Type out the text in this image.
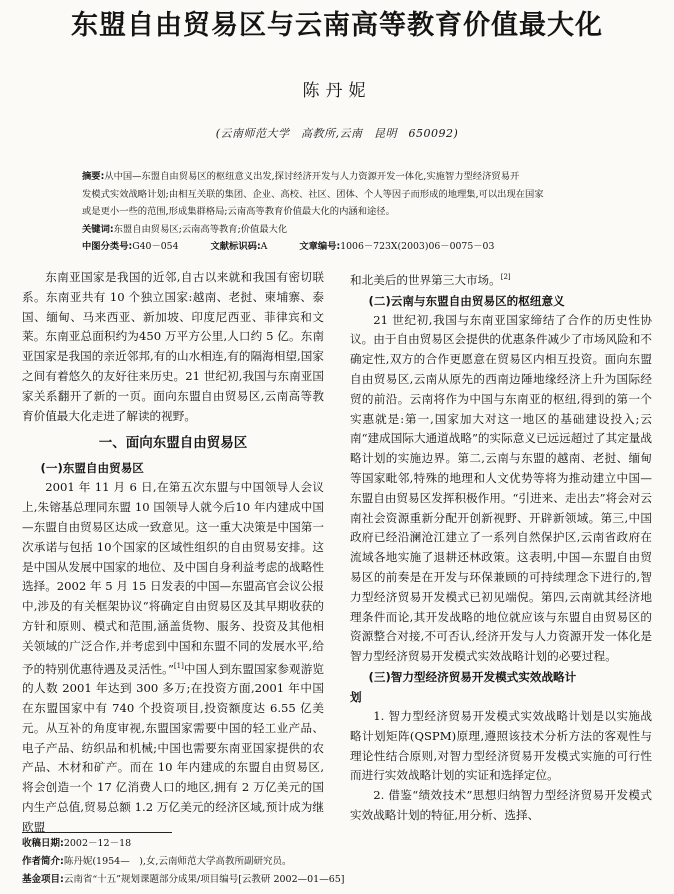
东盟自由贸易区与云南高等教育价值最大化
陈丹妮
(云南师范大学　高教所,云南　昆明　650092)
摘要:从中国—东盟自由贸易区的枢纽意义出发,探讨经济开发与人力资源开发一体化,实施智力型经济贸易开
发模式实效战略计划;由相互关联的集团、企业、高校、社区、团体、个人等因子而形成的地理集,可以出现在国家
或是更小一些的范围,形成集群格局;云南高等教育价值最大化的内涵和途径。
关键词:东盟自由贸易区;云南高等教育;价值最大化
中图分类号:G40－054	文献标识码:A	文章编号:1006－723X(2003)06－0075－03

东南亚国家是我国的近邻,自古以来就和我国有密切联系。东南亚共有 10 个独立国家:越南、老挝、柬埔寨、泰国、缅甸、马来西亚、新加坡、印度尼西亚、菲律宾和文莱。东南亚总面积约为450 万平方公里,人口约 5 亿。东南亚国家是我国的亲近邻邦,有的山水相连,有的隔海相望,国家之间有着悠久的友好往来历史。21 世纪初,我国与东南亚国家关系翻开了新的一页。面向东盟自由贸易区,云南高等教育价值最大化走进了解读的视野。

一、面向东盟自由贸易区
(一)东盟自由贸易区

2001 年 11 月 6 日,在第五次东盟与中国领导人会议上,朱镕基总理同东盟 10 国领导人就今后10 年内建成中国—东盟自由贸易区达成一致意见。这一重大决策是中国第一次承诺与包括 10个国家的区域性组织的自由贸易安排。这是中国从发展中国家的地位、及中国自身利益考虑的战略性选择。2002 年 5 月 15 日发表的中国—东盟高官会议公报中,涉及的有关框架协议“将确定自由贸易区及其早期收获的方针和原则、模式和范围,涵盖货物、服务、投资及其他相关领域的广泛合作,并考虑到中国和东盟不同的发展水平,给予的特别优惠待遇及灵活性。”[1]中国人到东盟国家参观游览的人数 2001 年达到 300 多万;在投资方面,2001 年中国在东盟国家中有 740 个投资项目,投资额度达 6.55 亿美元。从互补的角度审视,东盟国家需要中国的轻工业产品、电子产品、纺织品和机械;中国也需要东南亚国家提供的农产品、木材和矿产。而在 10 年内建成的东盟自由贸易区,将会创造一个 17 亿消费人口的地区,拥有 2 万亿美元的国内生产总值,贸易总额 1.2 万亿美元的经济区域,预计成为继欧盟

和北美后的世界第三大市场。[2]

(二)云南与东盟自由贸易区的枢纽意义

21 世纪初,我国与东南亚国家缔结了合作的历史性协议。由于自由贸易区会提供的优惠条件减少了市场风险和不确定性,双方的合作更愿意在贸易区内相互投资。面向东盟自由贸易区,云南从原先的西南边陲地缘经济上升为国际经贸的前沿。云南将作为中国与东南亚的枢纽,得到的第一个实惠就是:第一,国家加大对这一地区的基础建设投入;云南“建成国际大通道战略”的实际意义已远远超过了其定量战略计划的实施边界。第二,云南与东盟的越南、老挝、缅甸等国家毗邻,特殊的地理和人文优势等将为推动建立中国—东盟自由贸易区发挥积极作用。“引进来、走出去”将会对云南社会资源重新分配开创新视野、开辟新领域。第三,中国政府已经沿澜沧江建立了一系列自然保护区,云南省政府在流域各地实施了退耕还林政策。这表明,中国—东盟自由贸易区的前奏是在开发与环保兼顾的可持续理念下进行的,智力型经济贸易开发模式已初见端倪。第四,云南就其经济地理条件而论,其开发战略的地位就应该与东盟自由贸易区的资源整合对接,不可否认,经济开发与人力资源开发一体化是智力型经济贸易开发模式实效战略计划的必要过程。

(三)智力型经济贸易开发模式实效战略计
划

1. 智力型经济贸易开发模式实效战略计划是以实施战略计划矩阵(QSPM)原理,遵照该技术分析方法的客观性与理论性结合原则,对智力型经济贸易开发模式实施的可行性而进行实效战略计划的实证和选择定位。

2. 借鉴“绩效技术”思想归纳智力型经济贸易开发模式实效战略计划的特征,用分析、选择、

收稿日期:2002－12－18
作者简介:陈丹妮(1954—　),女,云南师范大学高教所副研究员。
基金项目:云南省“十五”规划课题部分成果/项目编号[云教研 2002—01—65]
